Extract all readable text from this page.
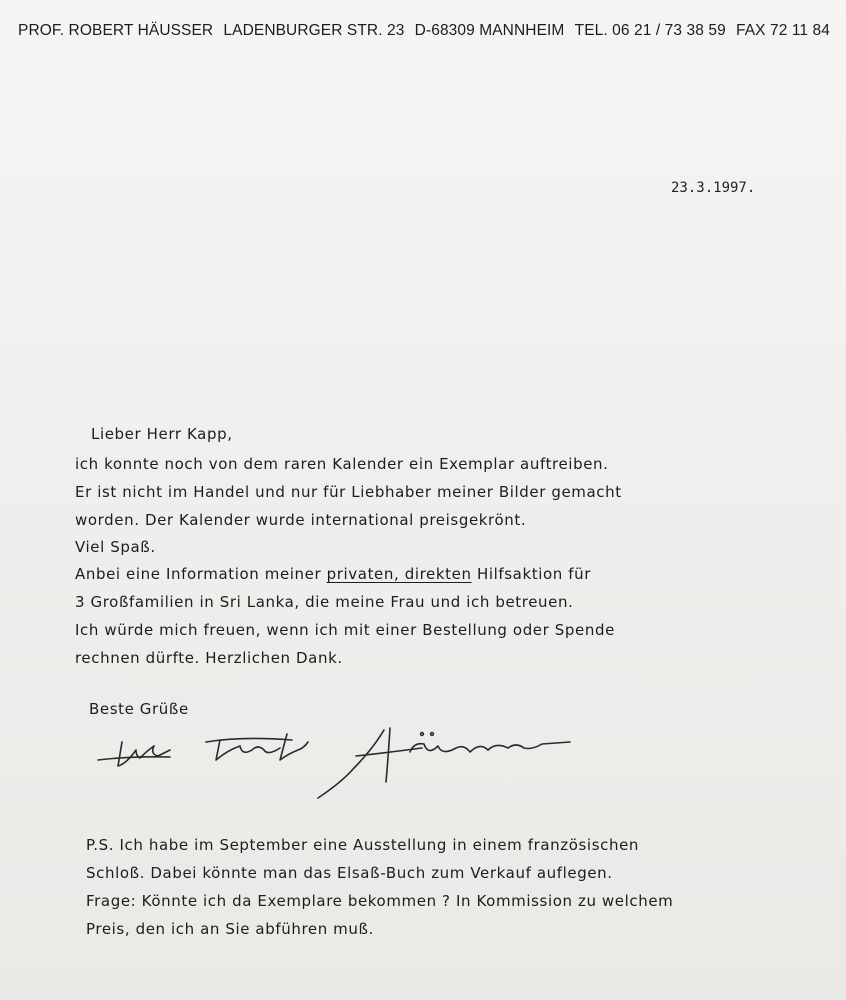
PROF. ROBERT HÄUSSER LADENBURGER STR. 23 D-68309 MANNHEIM TEL. 06 21 / 73 38 59 FAX 72 11 84
23.3.1997.
Lieber Herr Kapp,
ich konnte noch von dem raren Kalender ein Exemplar auftreiben.
Er ist nicht im Handel und nur für Liebhaber meiner Bilder gemacht
worden. Der Kalender wurde international preisgekrönt.
Viel Spaß.
Anbei eine Information meiner privaten, direkten Hilfsaktion für
3 Großfamilien in Sri Lanka, die meine Frau und ich betreuen.
Ich würde mich freuen, wenn ich mit einer Bestellung oder Spende
rechnen dürfte. Herzlichen Dank.
Beste Grüße
P.S. Ich habe im September eine Ausstellung in einem französischen
Schloß. Dabei könnte man das Elsaß-Buch zum Verkauf auflegen.
Frage: Könnte ich da Exemplare bekommen ? In Kommission zu welchem
Preis, den ich an Sie abführen muß.
